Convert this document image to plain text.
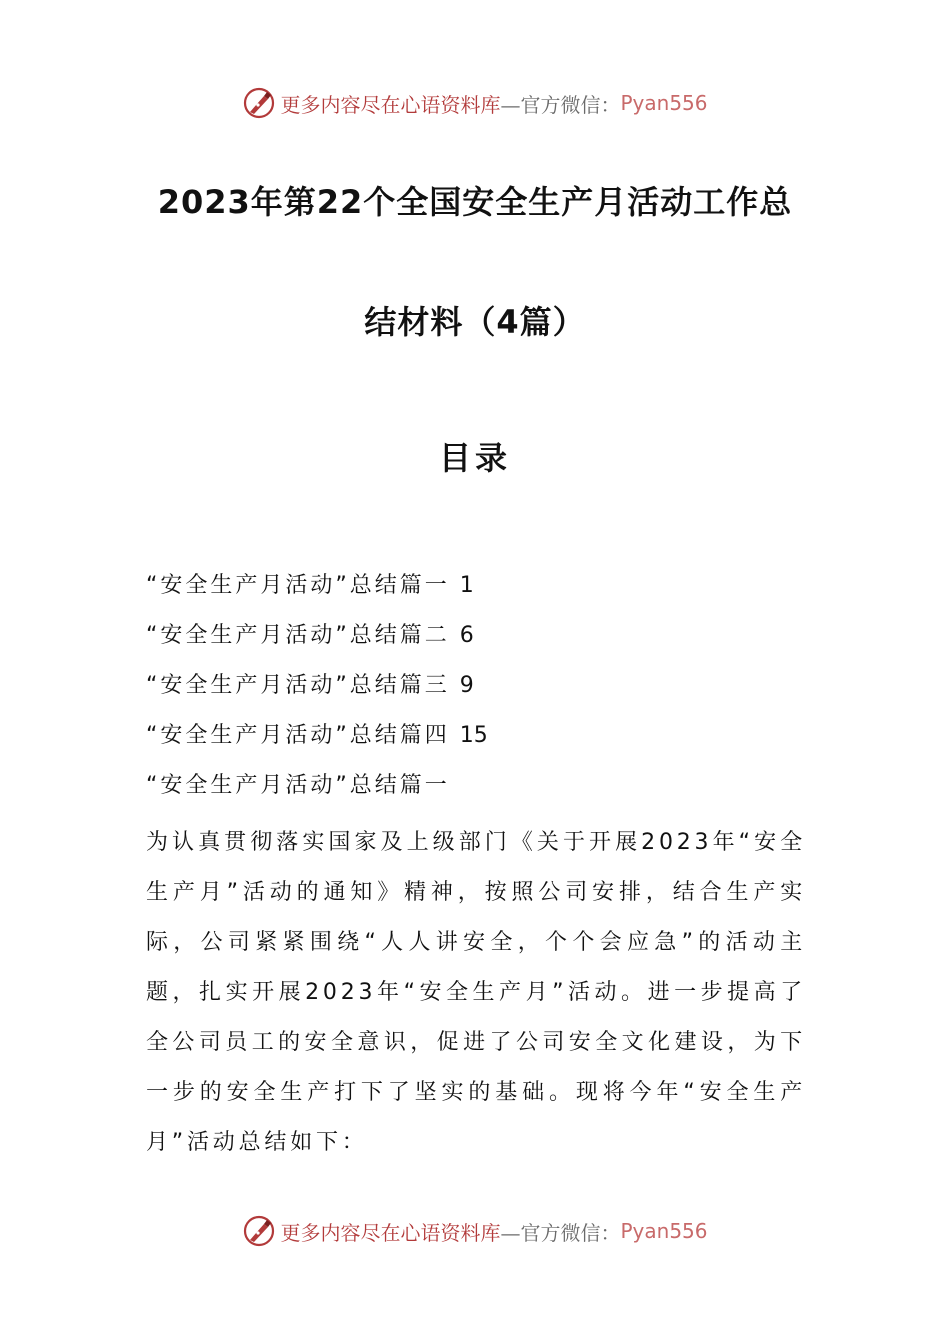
更多内容尽在心语资料库 —官方微信： Pyan556
2023年第22个全国安全生产月活动工作总
结材料（4篇）
目录
“安全生产月活动”总结篇一 1
“安全生产月活动”总结篇二 6
“安全生产月活动”总结篇三 9
“安全生产月活动”总结篇四 15
“安全生产月活动”总结篇一

为认真贯彻落实国家及上级部门《关于开展2023年“安全生产月”活动的通知》精神，按照公司安排，结合生产实际，公司紧紧围绕“人人讲安全，个个会应急”的活动主题，扎实开展2023年“安全生产月”活动。进一步提高了全公司员工的安全意识，促进了公司安全文化建设，为下一步的安全生产打下了坚实的基础。现将今年“安全生产月”活动总结如下：

更多内容尽在心语资料库 —官方微信： Pyan556
